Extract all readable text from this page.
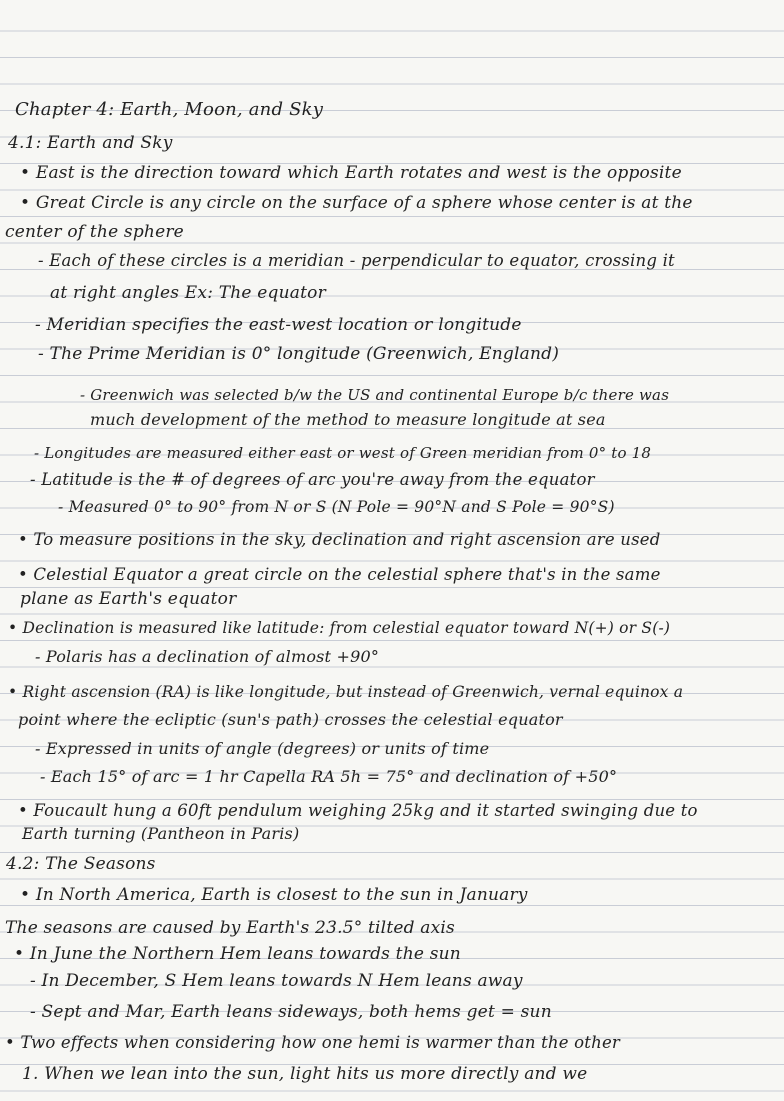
Chapter 4: Earth, Moon, and Sky
4.1: Earth and Sky
• East is the direction toward which Earth rotates and west is the opposite
• Great Circle is any circle on the surface of a sphere whose center is at the
center of the sphere
- Each of these circles is a meridian - perpendicular to equator, crossing it
at right angles Ex: The equator
- Meridian specifies the east-west location or longitude
- The Prime Meridian is 0° longitude (Greenwich, England)
- Greenwich was selected b/w the US and continental Europe b/c there was
much development of the method to measure longitude at sea
- Longitudes are measured either east or west of Green meridian from 0° to 18
- Latitude is the # of degrees of arc you're away from the equator
- Measured 0° to 90° from N or S (N Pole = 90°N and S Pole = 90°S)
• To measure positions in the sky, declination and right ascension are used
• Celestial Equator a great circle on the celestial sphere that's in the same
plane as Earth's equator
• Declination is measured like latitude: from celestial equator toward N(+) or S(-)
- Polaris has a declination of almost +90°
• Right ascension (RA) is like longitude, but instead of Greenwich, vernal equinox a
point where the ecliptic (sun's path) crosses the celestial equator
- Expressed in units of angle (degrees) or units of time
- Each 15° of arc = 1 hr Capella RA 5h = 75° and declination of +50°
• Foucault hung a 60ft pendulum weighing 25kg and it started swinging due to
Earth turning (Pantheon in Paris)
4.2: The Seasons
• In North America, Earth is closest to the sun in January
The seasons are caused by Earth's 23.5° tilted axis
• In June the Northern Hem leans towards the sun
- In December, S Hem leans towards N Hem leans away
- Sept and Mar, Earth leans sideways, both hems get = sun
• Two effects when considering how one hemi is warmer than the other
1. When we lean into the sun, light hits us more directly and we
